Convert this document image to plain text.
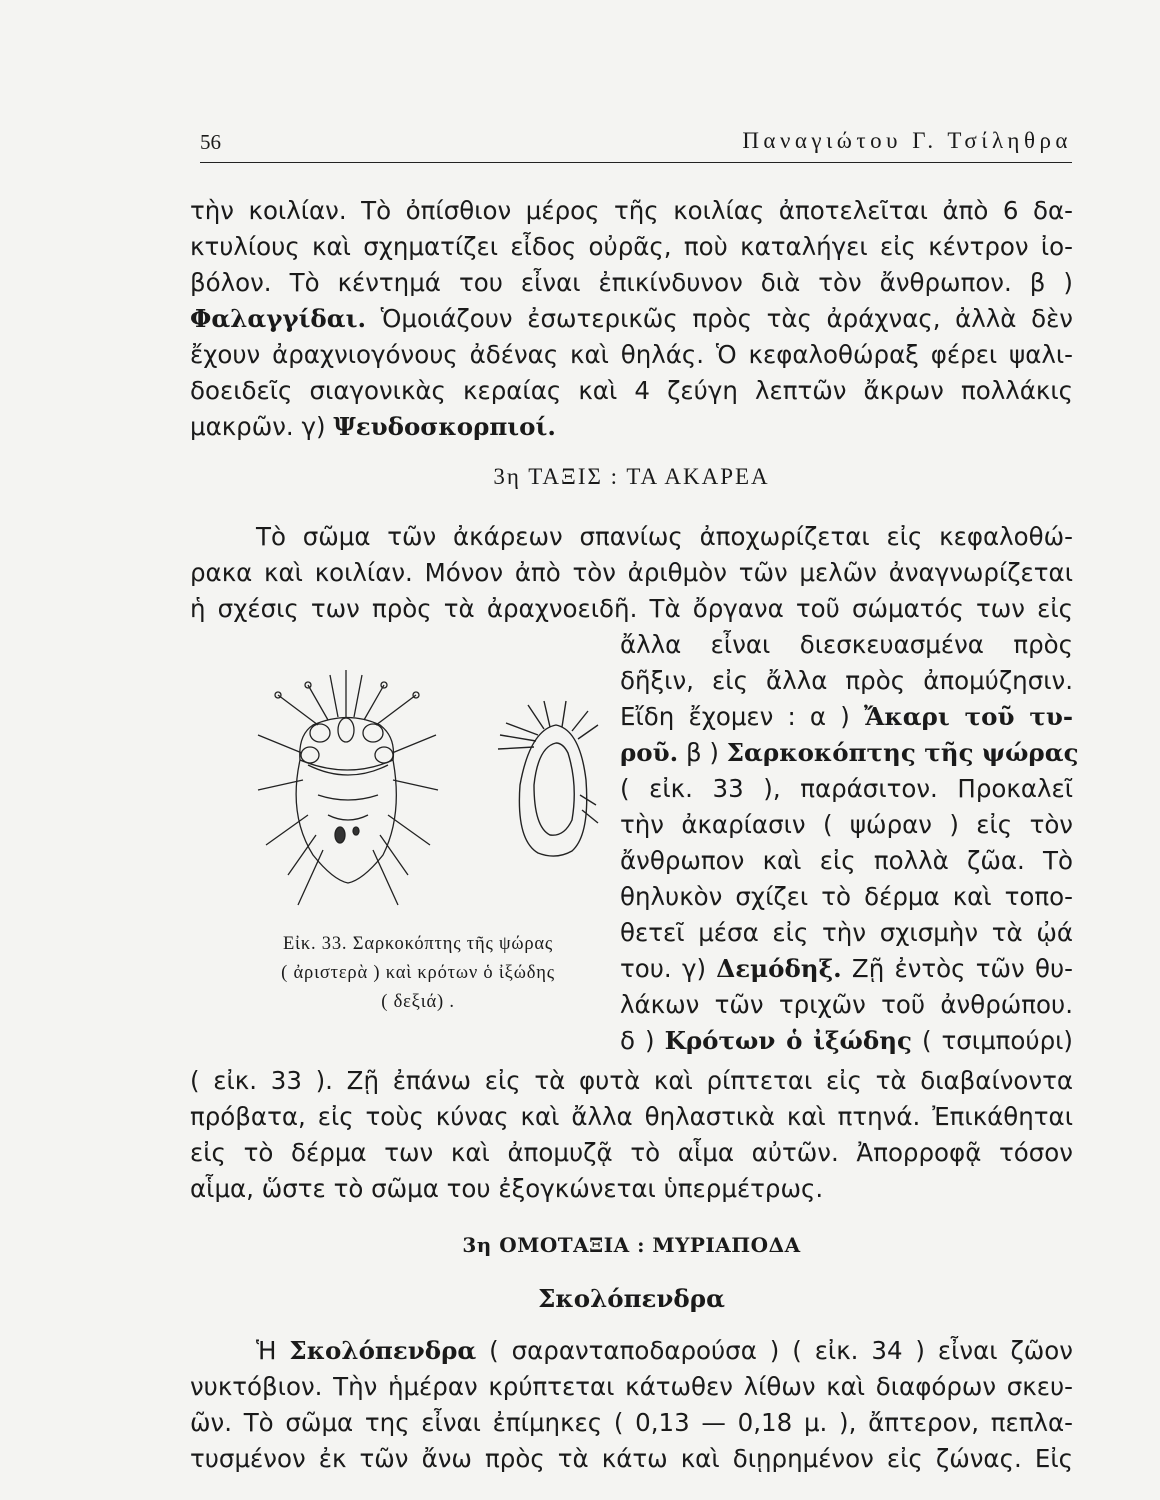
56	Παναγιώτου Γ. Τσίληθρα
τὴν κοιλίαν. Τὸ ὀπίσθιον μέρος τῆς κοιλίας ἀποτελεῖται ἀπὸ 6 δα-
κτυλίους καὶ σχηματίζει εἶδος οὐρᾶς, ποὺ καταλήγει εἰς κέντρον ἰο-
βόλον. Τὸ κέντημά του εἶναι ἐπικίνδυνον διὰ τὸν ἄνθρωπον. β )
Φαλαγγίδαι. Ὁμοιάζουν ἐσωτερικῶς πρὸς τὰς ἀράχνας, ἀλλὰ δὲν
ἔχουν ἀραχνιογόνους ἀδένας καὶ θηλάς. Ὁ κεφαλοθώραξ φέρει ψαλι-
δοειδεῖς σιαγονικὰς κεραίας καὶ 4 ζεύγη λεπτῶν ἄκρων πολλάκις
μακρῶν. γ) Ψευδοσκορπιοί.
3η ΤΑΞΙΣ : ΤΑ ΑΚΑΡΕΑ
Τὸ σῶμα τῶν ἀκάρεων σπανίως ἀποχωρίζεται εἰς κεφαλοθώ-
ρακα καὶ κοιλίαν. Μόνον ἀπὸ τὸν ἀριθμὸν τῶν μελῶν ἀναγνωρίζεται
ἡ σχέσις των πρὸς τὰ ἀραχνοειδῆ. Τὰ ὄργανα τοῦ σώματός των εἰς
ἄλλα εἶναι διεσκευασμένα πρὸς
δῆξιν, εἰς ἄλλα πρὸς ἀπομύζησιν.
Εἴδη ἔχομεν : α ) Ἄκαρι τοῦ τυ-
ροῦ. β ) Σαρκοκόπτης τῆς ψώρας
( εἰκ. 33 ), παράσιτον. Προκαλεῖ
τὴν ἀκαρίασιν ( ψώραν ) εἰς τὸν
ἄνθρωπον καὶ εἰς πολλὰ ζῶα. Τὸ
θηλυκὸν σχίζει τὸ δέρμα καὶ τοπο-
θετεῖ μέσα εἰς τὴν σχισμὴν τὰ ᾠά
του. γ) Δεμόδηξ. Ζῇ ἐντὸς τῶν θυ-
λάκων τῶν τριχῶν τοῦ ἀνθρώπου.
δ ) Κρότων ὁ ἰξώδης ( τσιμπούρι)
Εἰκ. 33. Σαρκοκόπτης τῆς ψώρας
( ἀριστερὰ ) καὶ κρότων ὁ ἰξώδης
( δεξιά) .
( εἰκ. 33 ). Ζῇ ἐπάνω εἰς τὰ φυτὰ καὶ ρίπτεται εἰς τὰ διαβαίνοντα
πρόβατα, εἰς τοὺς κύνας καὶ ἄλλα θηλαστικὰ καὶ πτηνά. Ἐπικάθηται
εἰς τὸ δέρμα των καὶ ἀπομυζᾷ τὸ αἷμα αὐτῶν. Ἀπορροφᾷ τόσον
αἷμα, ὥστε τὸ σῶμα του ἐξογκώνεται ὑπερμέτρως.
3η ΟΜΟΤΑΞΙΑ : ΜΥΡΙΑΠΟΔΑ
Σκολόπενδρα
Ἡ Σκολόπενδρα ( σαρανταποδαρούσα ) ( εἰκ. 34 ) εἶναι ζῶον
νυκτόβιον. Τὴν ἡμέραν κρύπτεται κάτωθεν λίθων καὶ διαφόρων σκευ-
ῶν. Τὸ σῶμα της εἶναι ἐπίμηκες ( 0,13 — 0,18 μ. ), ἄπτερον, πεπλα-
τυσμένον ἐκ τῶν ἄνω πρὸς τὰ κάτω καὶ διῃρημένον εἰς ζώνας. Εἰς
